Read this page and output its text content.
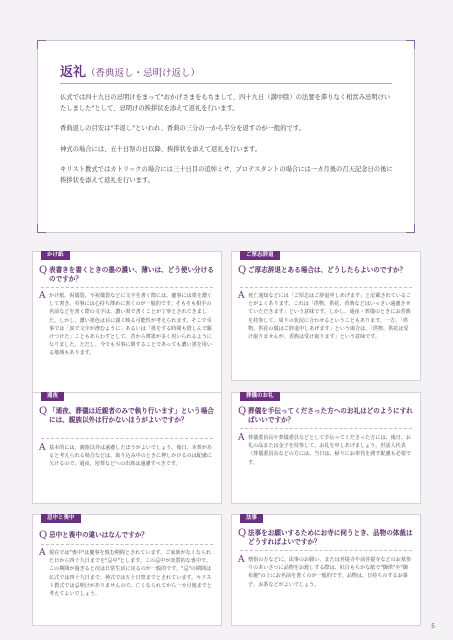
返礼（香典返し・忌明け返し）

仏式では四十九日の忌明けをまって"おかげさまをもちまして、四十九日（満中陰）の法要を滞りなく相営み忌明けいたしました"として、忌明けの挨拶状を添えて返礼を行います。

香典返しの目安は"半返し"といわれ、香典の三分の一から半分を返すのが一般的です。

神式の場合には、五十日祭の日以降、挨拶状を添えて返礼を行います。

キリスト教式ではカトリックの場合には三十日目の追悼ミサ、プロテスタントの場合には一カ月後の召天記念日の後に挨拶状を添えて返礼を行います。

かけ紙
Q 表書きを書くときの墨の濃い、薄いは、どう使い分けるのですか？
A かけ紙、祝儀袋、不祝儀袋などに文字を書く際には、慶事には墨を濃くして書き、弔事には心持ち薄めに書くのが一般的です。そもそも相手の名前などを書く際の文字は、濃い墨で書くことが丁寧とされてきました。しかし、濃い墨色は目に強く映る可能性が考えられます。そこで弔事では「涙で文字が滲むように」あるいは「墨をする時間も惜しんで駆けつけた」こともあらわすとして、昔から薄墨が多く用いられるようになりました。ただし、今でも弔事に関することであっても濃い墨を用いる地域もあります。
ご厚志辞退
Q ご厚志辞退とある場合は、どうしたらよいのですか？
A 死亡通知などには「ご厚志はご辞退申しあげます」と記載されていることがよくあります。これは「供物、供花、香典などはいっさい遠慮させていただきます」という意味です。しかし、通夜・葬儀のときにお香典を持参して、周りの状況に合わせるということもあります。一方、「供物、供花の儀はご辞退申しあげます」という場合は、「供物、供花は受け取りませんが、香典は受け取ります」という意味です。
通夜
Q 「通夜、葬儀は近親者のみで執り行います」という場合には、親族以外は行かないほうがよいですか？
A 基本的には、親族以外は遠慮したほうがよいでしょう。後日、本葬があると考えられる場合などは、取り込み中のときに押しかけるのは配慮に欠けるので、通夜、密葬などへの出席は遠慮すべきです。
葬儀のお礼
Q 葬儀を手伝ってくださった方へのお礼はどのようにすればいいですか？
A 葬儀委員長や葬儀委員などとして手伝ってくださった方には、後日、お礼の品または金子を持参して、お礼を申しあげましょう。世話人代表（葬儀委員長などの方には、当日は、帰りにお車代を渡す配慮も必要です。
忌中と喪中
Q 忌中と喪中の違いはなんですか？
A 現在では"喪中"は慶事を慎む期間とされています。ご家族がなくなられた日から四十九日までを"忌中"とします。この忌中が実質的な喪中で、この期間が過ぎると次は日常生活に戻るのが一般的です。"忌"の期間は仏式では四十九日まで、神式では五十日祭までとされています。キリスト教式では忌明けがありませんので、亡くなられてから一カ月後までと考えてよいでしょう。
法事
Q 法事をお願いするためにお寺に伺うとき、品物の体裁はどうすればよいですか？
A 僧侶の方などに、法事のお願い、または菩提寺や前菩提寺などのお墓参りのあいさつに品物をお渡しする際は、紅白もちかな紙で"御供"や"御布施"の上にお名前を書くのが一般的です。品物は、日持ちのするお菓子、お茶などがよいでしょう。
5
